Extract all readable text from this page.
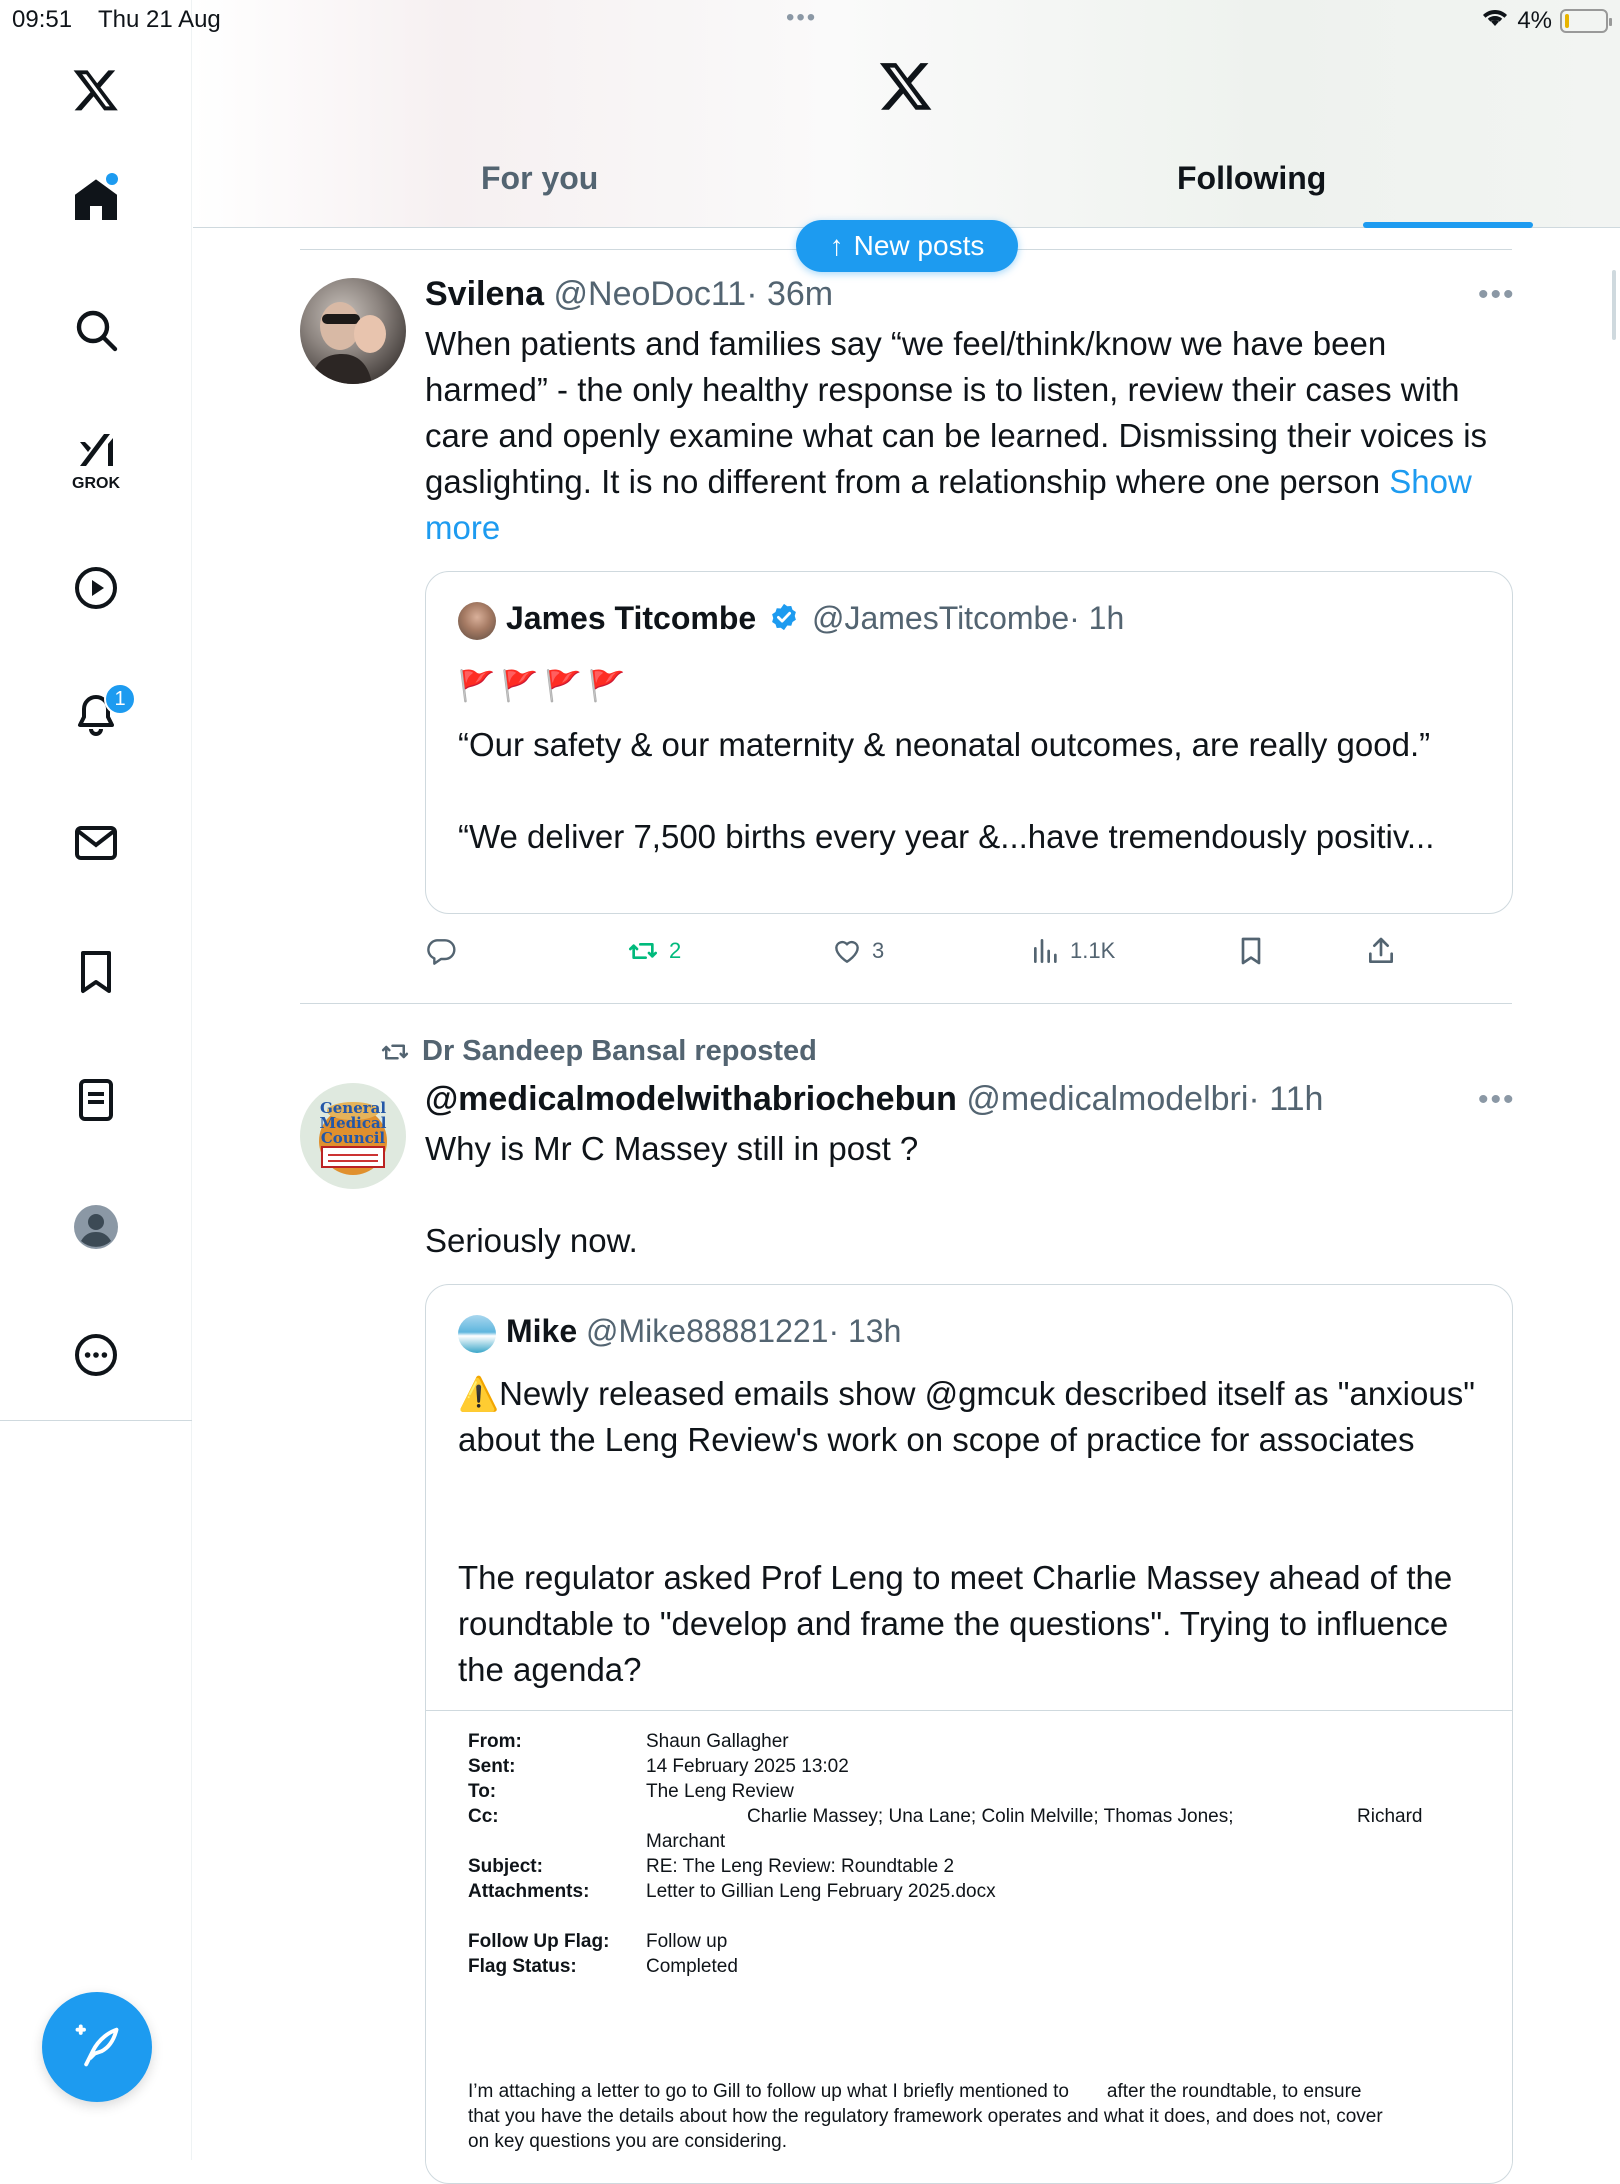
09:51 Thu 21 Aug	•••	4%
GROK
1
For you	Following
↑ New posts
Svilena @NeoDoc11· 36m	•••
When patients and families say “we feel/think/know we have been harmed” - the only healthy response is to listen, review their cases with care and openly examine what can be learned. Dismissing their voices is gaslighting. It is no different from a relationship where one person Show more
James Titcombe @JamesTitcombe· 1h
🚩🚩🚩🚩
“Our safety & our maternity & neonatal outcomes, are really good.”
“We deliver 7,500 births every year &...have tremendously positiv...
2	3	1.1K
Dr Sandeep Bansal reposted
General Medical Council
@medicalmodelwithabriochebun @medicalmodelbri· 11h	•••
Why is Mr C Massey still in post ?
Seriously now.
Mike @Mike88881221· 13h
⚠️Newly released emails show @gmcuk described itself as "anxious" about the Leng Review's work on scope of practice for associates
The regulator asked Prof Leng to meet Charlie Massey ahead of the roundtable to "develop and frame the questions". Trying to influence the agenda?
From:	Shaun Gallagher
Sent:	14 February 2025 13:02
To:	The Leng Review
Cc:	Charlie Massey; Una Lane; Colin Melville; Thomas Jones;	Richard
Marchant
Subject:	RE: The Leng Review: Roundtable 2
Attachments:	Letter to Gillian Leng February 2025.docx
Follow Up Flag:	Follow up
Flag Status:	Completed
I’m attaching a letter to go to Gill to follow up what I briefly mentioned to after the roundtable, to ensure
that you have the details about how the regulatory framework operates and what it does, and does not, cover
on key questions you are considering.
